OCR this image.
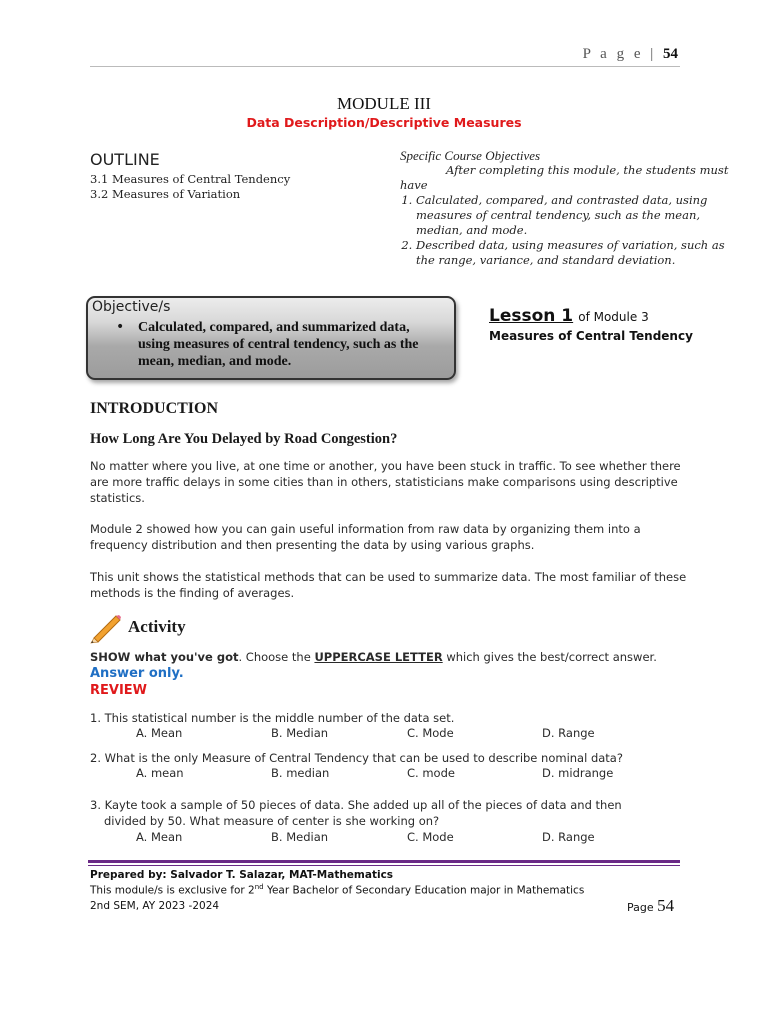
P a g e | 54
MODULE III
Data Description/Descriptive Measures
OUTLINE
3.1 Measures of Central Tendency
3.2 Measures of Variation
Specific Course Objectives
After completing this module, the students must have
1. Calculated, compared, and contrasted data, using measures of central tendency, such as the mean, median, and mode.
2. Described data, using measures of variation, such as the range, variance, and standard deviation.
Objective/s
• Calculated, compared, and summarized data, using measures of central tendency, such as the mean, median, and mode.
Lesson 1 of Module 3
Measures of Central Tendency
INTRODUCTION
How Long Are You Delayed by Road Congestion?
No matter where you live, at one time or another, you have been stuck in traffic. To see whether there are more traffic delays in some cities than in others, statisticians make comparisons using descriptive statistics.
Module 2 showed how you can gain useful information from raw data by organizing them into a frequency distribution and then presenting the data by using various graphs.
This unit shows the statistical methods that can be used to summarize data. The most familiar of these methods is the finding of averages.
Activity
SHOW what you've got. Choose the UPPERCASE LETTER which gives the best/correct answer.
Answer only.
REVIEW
1. This statistical number is the middle number of the data set.
A. Mean	B. Median	C. Mode	D. Range
2. What is the only Measure of Central Tendency that can be used to describe nominal data?
A. mean	B. median	C. mode	D. midrange
3. Kayte took a sample of 50 pieces of data. She added up all of the pieces of data and then
divided by 50. What measure of center is she working on?
A. Mean	B. Median	C. Mode	D. Range
Prepared by: Salvador T. Salazar, MAT-Mathematics
This module/s is exclusive for 2nd Year Bachelor of Secondary Education major in Mathematics
2nd SEM, AY 2023 -2024	Page 54
